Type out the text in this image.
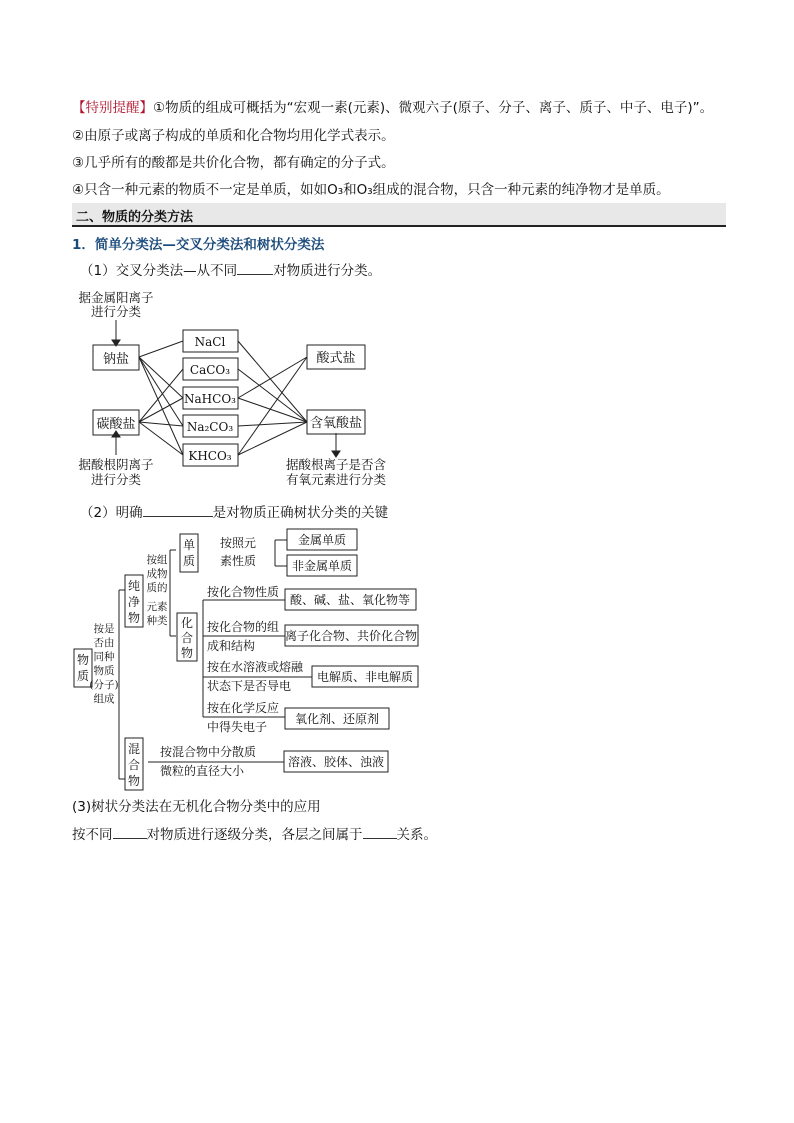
【特别提醒】①物质的组成可概括为“宏观一素(元素)、微观六子(原子、分子、离子、质子、中子、电子)”。
②由原子或离子构成的单质和化合物均用化学式表示。
③几乎所有的酸都是共价化合物，都有确定的分子式。
④只含一种元素的物质不一定是单质，如如O₃和O₃组成的混合物，只含一种元素的纯净物才是单质。
二、物质的分类方法
1．简单分类法—交叉分类法和树状分类法
（1）交叉分类法—从不同	对物质进行分类。
（2）明确	是对物质正确树状分类的关键
(3)树状分类法在无机化合物分类中的应用
按不同	对物质进行逐级分类，各层之间属于	关系。
据金属阳离子
进行分类
钠盐
碳酸盐
NaCl
CaCO₃
NaHCO₃
Na₂CO₃
KHCO₃
酸式盐
含氧酸盐
据酸根阴离子
进行分类
据酸根离子是否含
有氧元素进行分类
物
质
按是
否由
同种
物质
(分子)
组成
纯
净
物
混
合
物
按组
成物
质的
元素
种类
单
质
化
合
物
按照元
素性质
金属单质
非金属单质
按化合物性质
酸、碱、盐、氧化物等
按化合物的组
成和结构
离子化合物、共价化合物
按在水溶液或熔融
状态下是否导电
电解质、非电解质
按在化学反应
中得失电子
氧化剂、还原剂
按混合物中分散质
微粒的直径大小
溶液、胶体、浊液
